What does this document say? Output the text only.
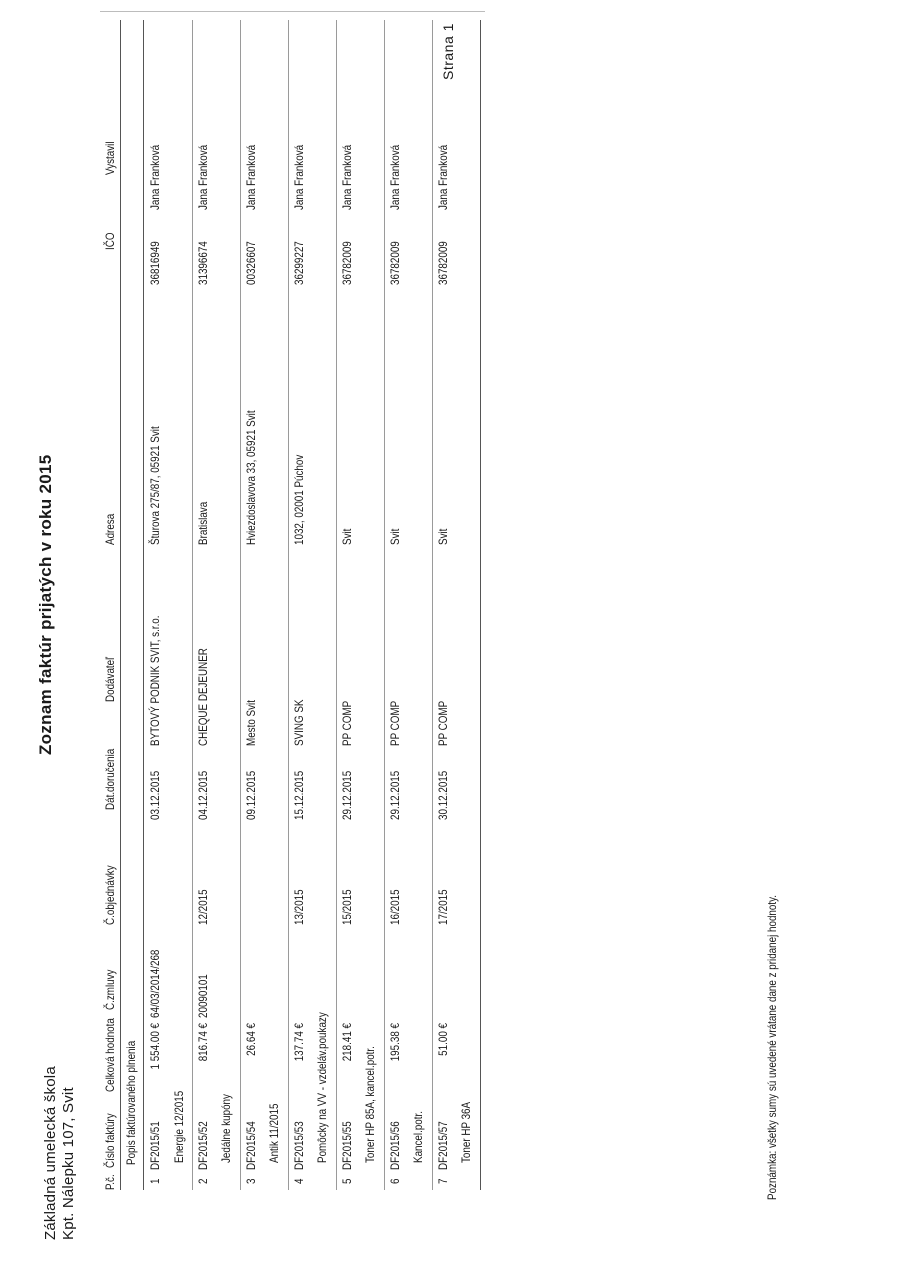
Základná umelecká škola Kpt. Nálepku 107, Svit
Strana 1
Zoznam faktúr prijatých v roku 2015
P.č.
Číslo faktúry
Celková hodnota
Č.zmluvy
Č.objednávky
Dát.doručenia
Dodávateľ
Adresa
IČO
Vystavil
Popis faktúrovaného plnenia
1
DF2015/51
1 554.00 €
64/03/2014/268
03.12.2015
BYTOVÝ PODNIK SVIT, s.r.o.
Šturova 275/87, 05921 Svit
36816949
Jana Franková
Energie 12/2015
2
DF2015/52
816.74 €
20090101
12/2015
04.12.2015
CHEQUE DEJEUNER
Bratislava
31396674
Jana Franková
Jedálne kupóny
3
DF2015/54
26.64 €
09.12.2015
Mesto Svit
Hviezdoslavova 33, 05921 Svit
00326607
Jana Franková
Antik 11/2015
4
DF2015/53
137.74 €
13/2015
15.12.2015
SVING SK
1032, 02001 Púchov
36299227
Jana Franková
Pomôcky na VV - vzdeláv.poukazy
5
DF2015/55
218.41 €
15/2015
29.12.2015
PP COMP
Svit
36782009
Jana Franková
Toner HP 85A, kancel.potr.
6
DF2015/56
195.38 €
16/2015
29.12.2015
PP COMP
Svit
36782009
Jana Franková
Kancel.potr.
7
DF2015/57
51.00 €
17/2015
30.12.2015
PP COMP
Svit
36782009
Jana Franková
Toner HP 36A	Poznámka: všetky sumy sú uvedené vrátane dane z pridanej hodnoty.
